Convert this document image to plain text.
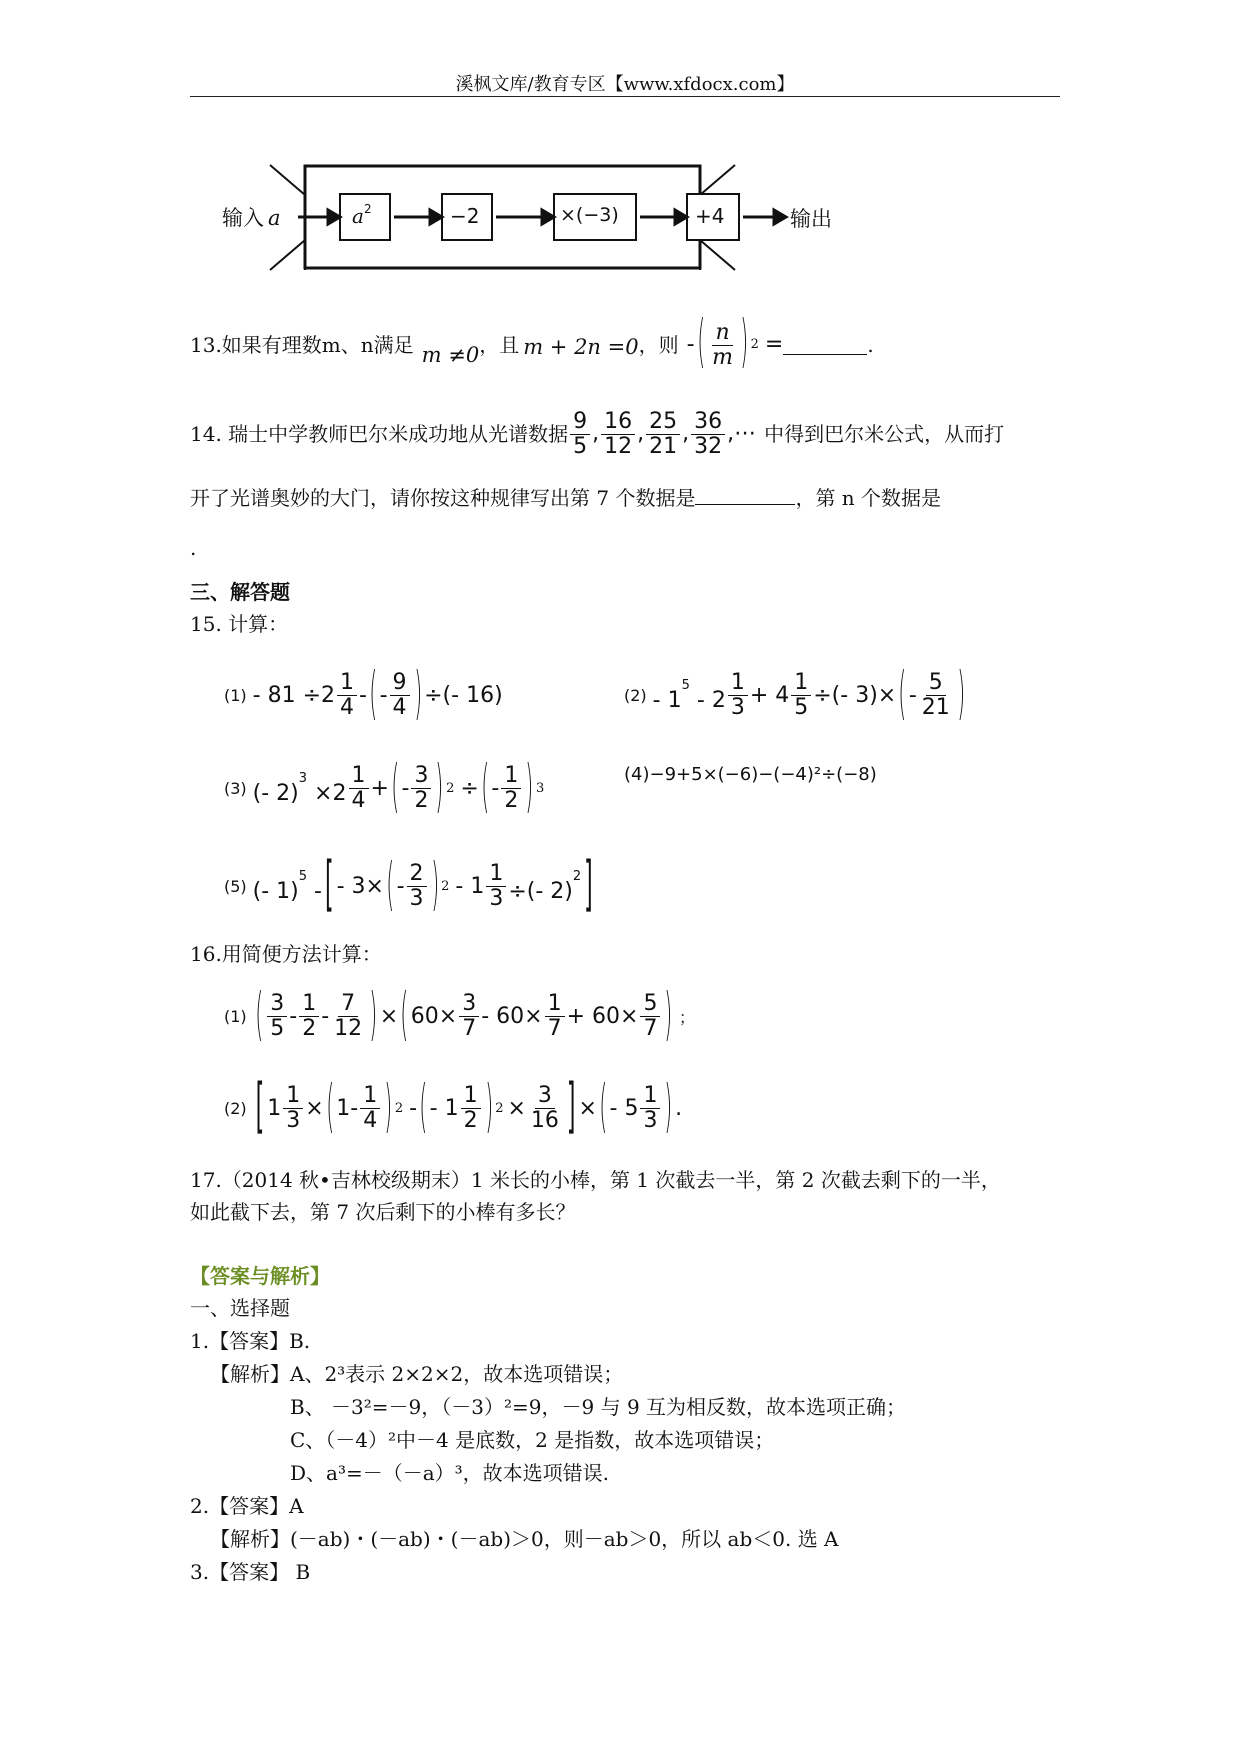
溪枫文库/教育专区【www.xfdocx.com】
输入 a	$a^2$	−2	×(−3)	+4	输出
13.如果有理数m、n满足 m ≠0 ，且 m + 2n =0 ，则 - ( $\frac{n}{m}$ ) 2 =	.
14. 瑞士中学教师巴尔米成功地从光谱数据 $\frac{9}{5}$ , $\frac{16}{12}$ , $\frac{25}{21}$ , $\frac{36}{32}$ ,⋯ 中得到巴尔米公式，从而打
开了光谱奥妙的大门，请你按这种规律写出第 7 个数据是	，第 n 个数据是
.
三、解答题
15. 计算：
$(1) - 81 \div 2 \frac{1}{4}$ - ( - $\frac{9}{4}$ ) ÷(- 16)	$(2) - 1^5 - 2 \frac{1}{3} + 4 \frac{1}{5}$ ÷(- 3)× ( - $\frac{5}{21}$ )
(3) (- $2)^3 \times 2 \frac{1}{4}$ + ( - $\frac{3}{2}$ ) 2 ÷ ( - $\frac{1}{2}$ ) 3
(4)−9+5×(−6)−(−4)²÷(−8)
(5) (- 1)$^5$ - [ - 3× ( - $\frac{2}{3}$ ) $2 - 1 \frac{1}{3}$ ÷(- 2)$^2$ ]
16.用简便方法计算：
(1) ( $\frac{3}{5} - \frac{1}{2} - \frac{7}{12}$ ) × ( $60\times \frac{3}{7} - 60\times \frac{1}{7} + 60\times \frac{5}{7}$ ) ；
(2) [ $1 \frac{1}{3}$ × ( $1- \frac{1}{4}$ ) 2 - ( - $1 \frac{1}{2}$ ) $2 \times \frac{3}{16}$ ] × ( - $5 \frac{1}{3}$ ) .
17.（2014 秋•吉林校级期末）1 米长的小棒，第 1 次截去一半，第 2 次截去剩下的一半，
如此截下去，第 7 次后剩下的小棒有多长？
【答案与解析】
一、选择题
1.【答案】B.
【解析】A、2³表示 2×2×2，故本选项错误；
B、 －3²=－9，（－3）²=9，－9 与 9 互为相反数，故本选项正确；
C、（－4）²中－4 是底数，2 是指数，故本选项错误；
D、a³=－（－a）³，故本选项错误.
2.【答案】A
【解析】(－ab)・(－ab)・(－ab)＞0，则－ab＞0，所以 ab＜0. 选 A
3.【答案】 B
